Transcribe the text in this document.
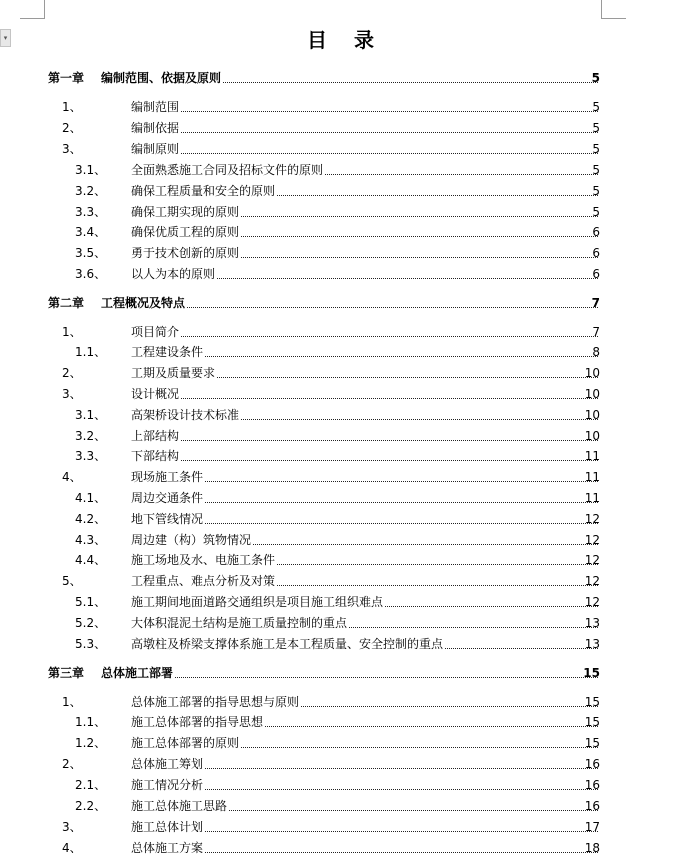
▾	目 录
第一章 编制范围、依据及原则	5
1、	编制范围	5
2、	编制依据	5
3、	编制原则	5
3.1、 全面熟悉施工合同及招标文件的原则	5
3.2、 确保工程质量和安全的原则	5
3.3、 确保工期实现的原则	5
3.4、 确保优质工程的原则	6
3.5、 勇于技术创新的原则	6
3.6、 以人为本的原则	6
第二章 工程概况及特点	7
1、	项目简介	7
1.1、 工程建设条件	8
2、	工期及质量要求	10
3、	设计概况	10
3.1、 高架桥设计技术标准	10
3.2、 上部结构	10
3.3、 下部结构	11
4、	现场施工条件	11
4.1、 周边交通条件	11
4.2、 地下管线情况	12
4.3、 周边建（构）筑物情况	12
4.4、 施工场地及水、电施工条件	12
5、	工程重点、难点分析及对策	12
5.1、 施工期间地面道路交通组织是项目施工组织难点	12
5.2、 大体积混泥土结构是施工质量控制的重点	13
5.3、 高墩柱及桥梁支撑体系施工是本工程质量、安全控制的重点	13
第三章 总体施工部署	15
1、	总体施工部署的指导思想与原则	15
1.1、 施工总体部署的指导思想	15
1.2、 施工总体部署的原则	15
2、	总体施工筹划	16
2.1、 施工情况分析	16
2.2、 施工总体施工思路	16
3、	施工总体计划	17
4、	总体施工方案	18
